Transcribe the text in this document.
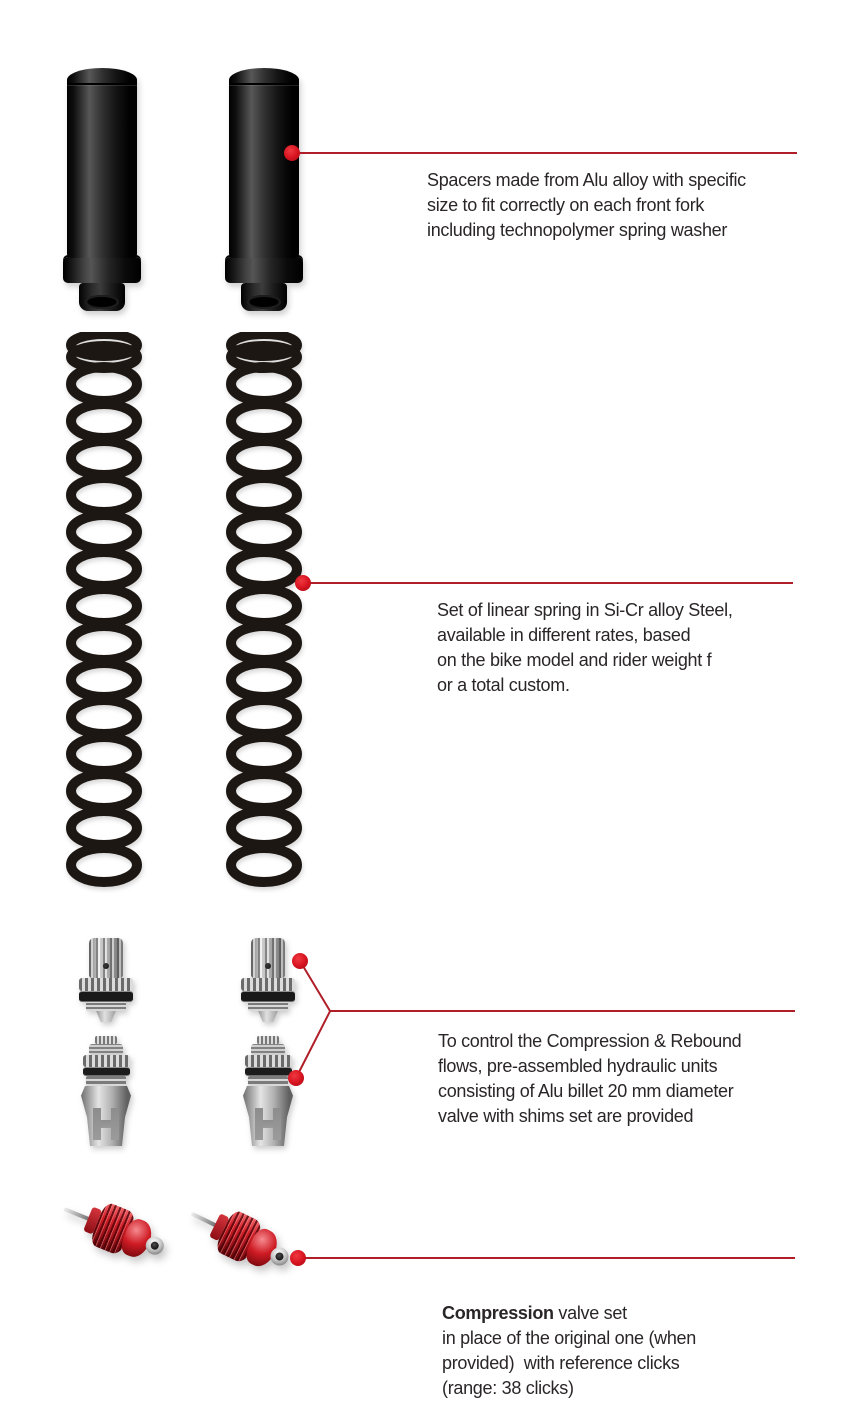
Spacers made from Alu alloy with specific
size to fit correctly on each front fork
including technopolymer spring washer
Set of linear spring in Si-Cr alloy Steel,
available in different rates, based
on the bike model and rider weight f
or a total custom.
To control the Compression & Rebound
flows, pre-assembled hydraulic units
consisting of Alu billet 20 mm diameter
valve with shims set are provided
Compression valve set
in place of the original one (when
provided)  with reference clicks
(range: 38 clicks)
